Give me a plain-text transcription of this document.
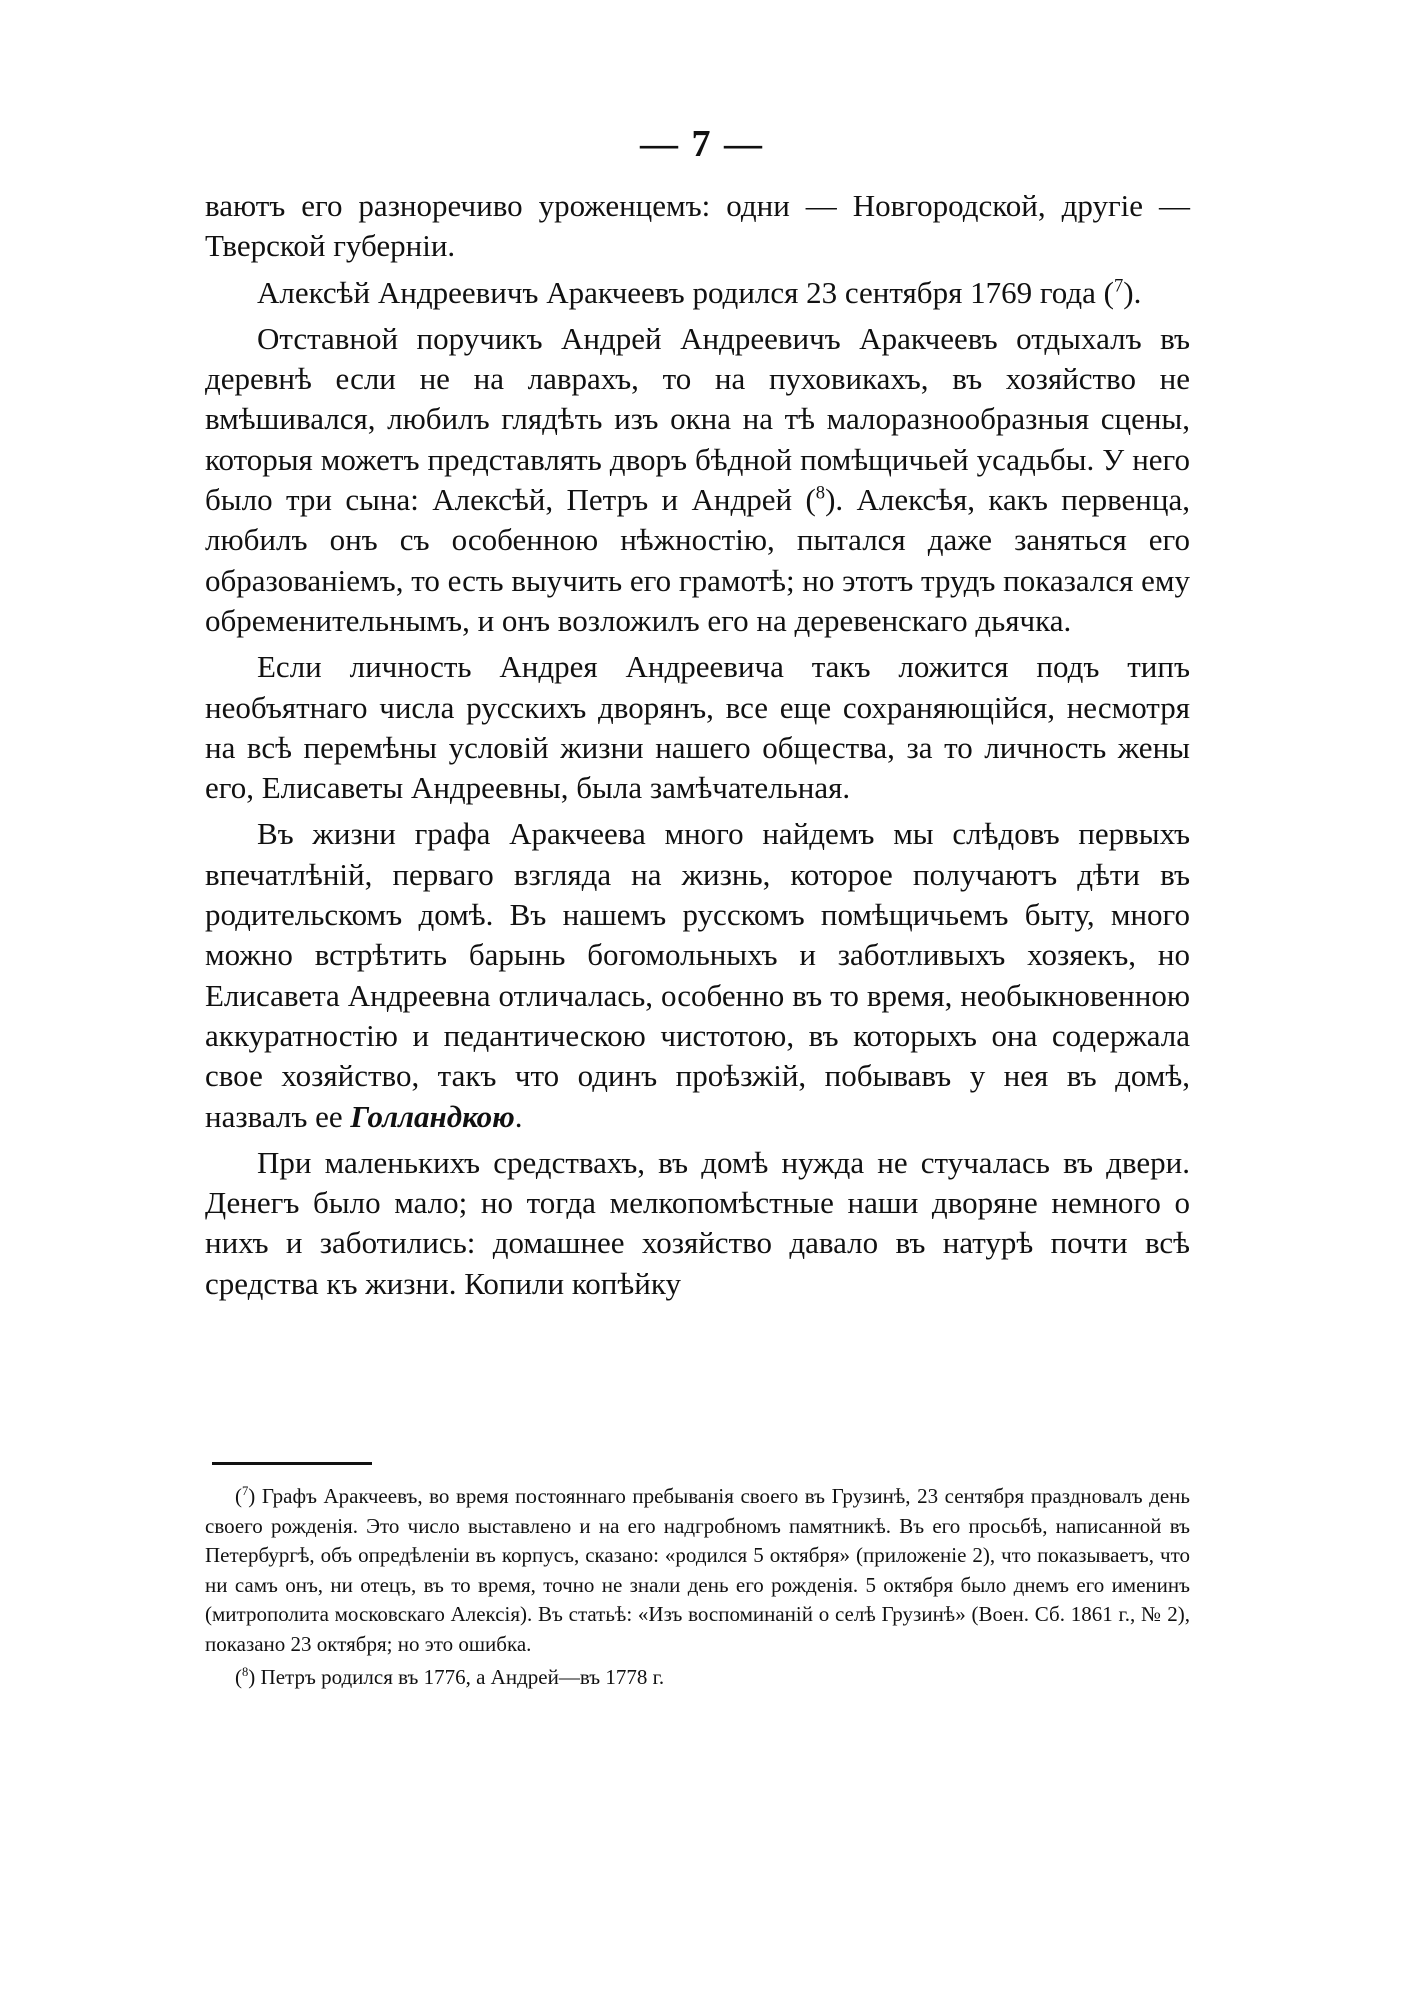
— 7 —

ваютъ его разноречиво уроженцемъ: одни — Новгородской, другіе — Тверской губерніи.

Алексѣй Андреевичъ Аракчеевъ родился 23 сентября 1769 года ($^7$).

Отставной поручикъ Андрей Андреевичъ Аракчеевъ отдыхалъ въ деревнѣ если не на лаврахъ, то на пуховикахъ, въ хозяйство не вмѣшивался, любилъ глядѣть изъ окна на тѣ малоразнообразныя сцены, которыя можетъ представлять дворъ бѣдной помѣщичьей усадьбы. У него было три сына: Алексѣй, Петръ и Андрей ($^8$). Алексѣя, какъ первенца, любилъ онъ съ особенною нѣжностію, пытался даже заняться его образованіемъ, то есть выучить его грамотѣ; но этотъ трудъ показался ему обременительнымъ, и онъ возложилъ его на деревенскаго дьячка.

Если личность Андрея Андреевича такъ ложится подъ типъ необъятнаго числа русскихъ дворянъ, все еще сохраняющійся, несмотря на всѣ перемѣны условій жизни нашего общества, за то личность жены его, Елисаветы Андреевны, была замѣчательная.

Въ жизни графа Аракчеева много найдемъ мы слѣдовъ первыхъ впечатлѣній, перваго взгляда на жизнь, которое получаютъ дѣти въ родительскомъ домѣ. Въ нашемъ русскомъ помѣщичьемъ быту, много можно встрѣтить барынь богомольныхъ и заботливыхъ хозяекъ, но Елисавета Андреевна отличалась, особенно въ то время, необыкновенною аккуратностію и педантическою чистотою, въ которыхъ она содержала свое хозяйство, такъ что одинъ проѣзжій, побывавъ у нея въ домѣ, назвалъ ее Голландкою.

При маленькихъ средствахъ, въ домѣ нужда не стучалась въ двери. Денегъ было мало; но тогда мелкопомѣстные наши дворяне немного о нихъ и заботились: домашнее хозяйство давало въ натурѣ почти всѣ средства къ жизни. Копили копѣйку

($^7$) Графъ Аракчеевъ, во время постояннаго пребыванія своего въ Грузинѣ, 23 сентября праздновалъ день своего рожденія. Это число выставлено и на его надгробномъ памятникѣ. Въ его просьбѣ, написанной въ Петербургѣ, объ опредѣленіи въ корпусъ, сказано: «родился 5 октября» (приложеніе 2), что показываетъ, что ни самъ онъ, ни отецъ, въ то время, точно не знали день его рожденія. 5 октября было днемъ его именинъ (митрополита московскаго Алексія). Въ статьѣ: «Изъ воспоминаній о селѣ Грузинѣ» (Воен. Сб. 1861 г., № 2), показано 23 октября; но это ошибка.

($^8$) Петръ родился въ 1776, а Андрей—въ 1778 г.
